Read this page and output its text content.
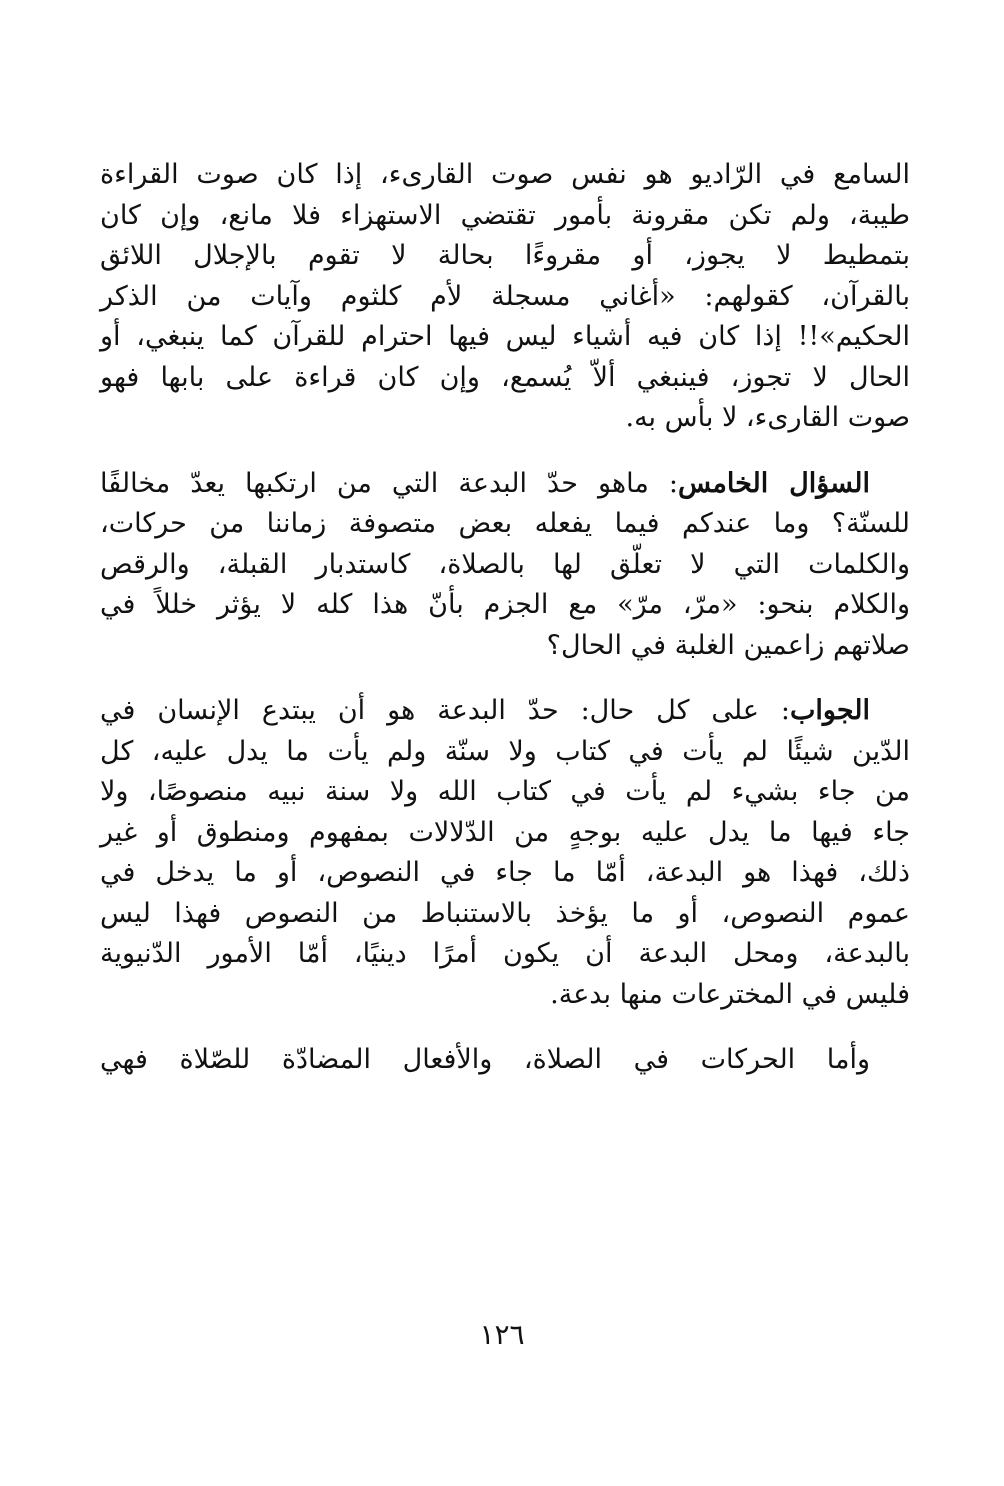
السامع في الرّاديو هو نفس صوت القارىء، إذا كان صوت القراءة
طيبة، ولم تكن مقرونة بأمور تقتضي الاستهزاء فلا مانع، وإن كان
بتمطيط لا يجوز، أو مقروءًا بحالة لا تقوم بالإجلال اللائق
بالقرآن، كقولهم: «أغاني مسجلة لأم كلثوم وآيات من الذكر
الحكيم»!! إذا كان فيه أشياء ليس فيها احترام للقرآن كما ينبغي، أو
الحال لا تجوز، فينبغي ألاّ يُسمع، وإن كان قراءة على بابها فهو
صوت القارىء، لا بأس به.
السؤال الخامس: ماهو حدّ البدعة التي من ارتكبها يعدّ مخالفًا
للسنّة؟ وما عندكم فيما يفعله بعض متصوفة زماننا من حركات،
والكلمات التي لا تعلّق لها بالصلاة، كاستدبار القبلة، والرقص
والكلام بنحو: «مرّ، مرّ» مع الجزم بأنّ هذا كله لا يؤثر خللاً في
صلاتهم زاعمين الغلبة في الحال؟
الجواب: على كل حال: حدّ البدعة هو أن يبتدع الإنسان في
الدّين شيئًا لم يأت في كتاب ولا سنّة ولم يأت ما يدل عليه، كل
من جاء بشيء لم يأت في كتاب الله ولا سنة نبيه منصوصًا، ولا
جاء فيها ما يدل عليه بوجهٍ من الدّلالات بمفهوم ومنطوق أو غير
ذلك، فهذا هو البدعة، أمّا ما جاء في النصوص، أو ما يدخل في
عموم النصوص، أو ما يؤخذ بالاستنباط من النصوص فهذا ليس
بالبدعة، ومحل البدعة أن يكون أمرًا دينيًا، أمّا الأمور الدّنيوية
فليس في المخترعات منها بدعة.
وأما الحركات في الصلاة، والأفعال المضادّة للصّلاة فهي
١٢٦
